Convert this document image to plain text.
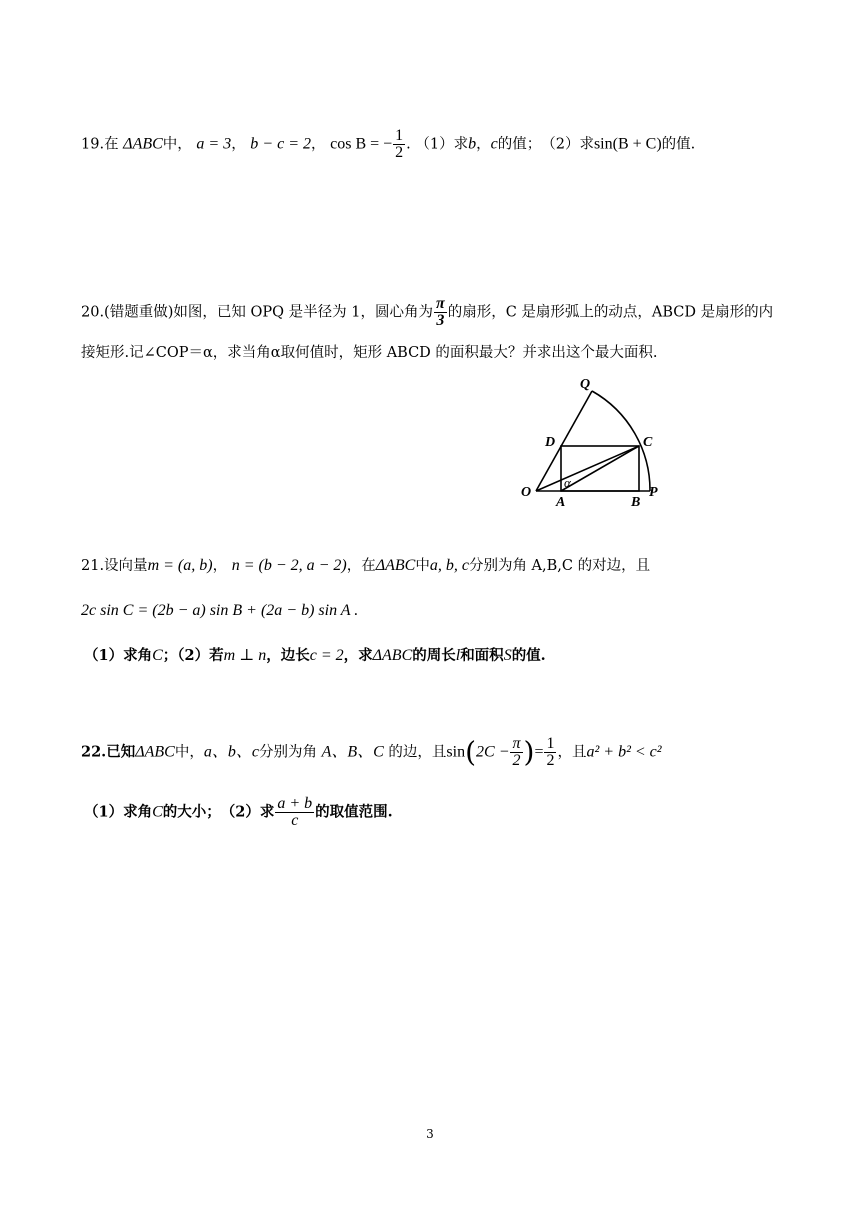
19.在 ΔABC中， a = 3， b − c = 2， cos B = − $\frac{1}{2}$ . （1）求b，c的值；　（2）求sin(B + C)的值.
20.(错题重做)如图，已知 OPQ 是半径为 1，圆心角为 $\frac{\pi}{3}$ 的扇形，C 是扇形弧上的动点，ABCD 是扇形的内
接矩形.记∠COP＝α，求当角α取何值时，矩形 ABCD 的面积最大？并求出这个最大面积.
Q
D	C
O
A	B
P
α
21.设向量m = (a, b)， n = (b − 2, a − 2)，在ΔABC中a, b, c分别为角 A,B,C 的对边，且
2c sin C = (2b − a) sin B + (2a − b) sin A .
（1）求角C；（2）若m ⊥ n，边长c = 2，求ΔABC的周长l和面积S的值.
22.已知ΔABC中，a、b、c分别为角 A、B、C 的边，且$\sin(2C - \frac{\pi}{2}$ )= $\frac{1}{2}$ ，且a² + b² < c²
（1）求角C的大小；　（2）求 $\frac{a + b}{c}$ 的取值范围.
3
